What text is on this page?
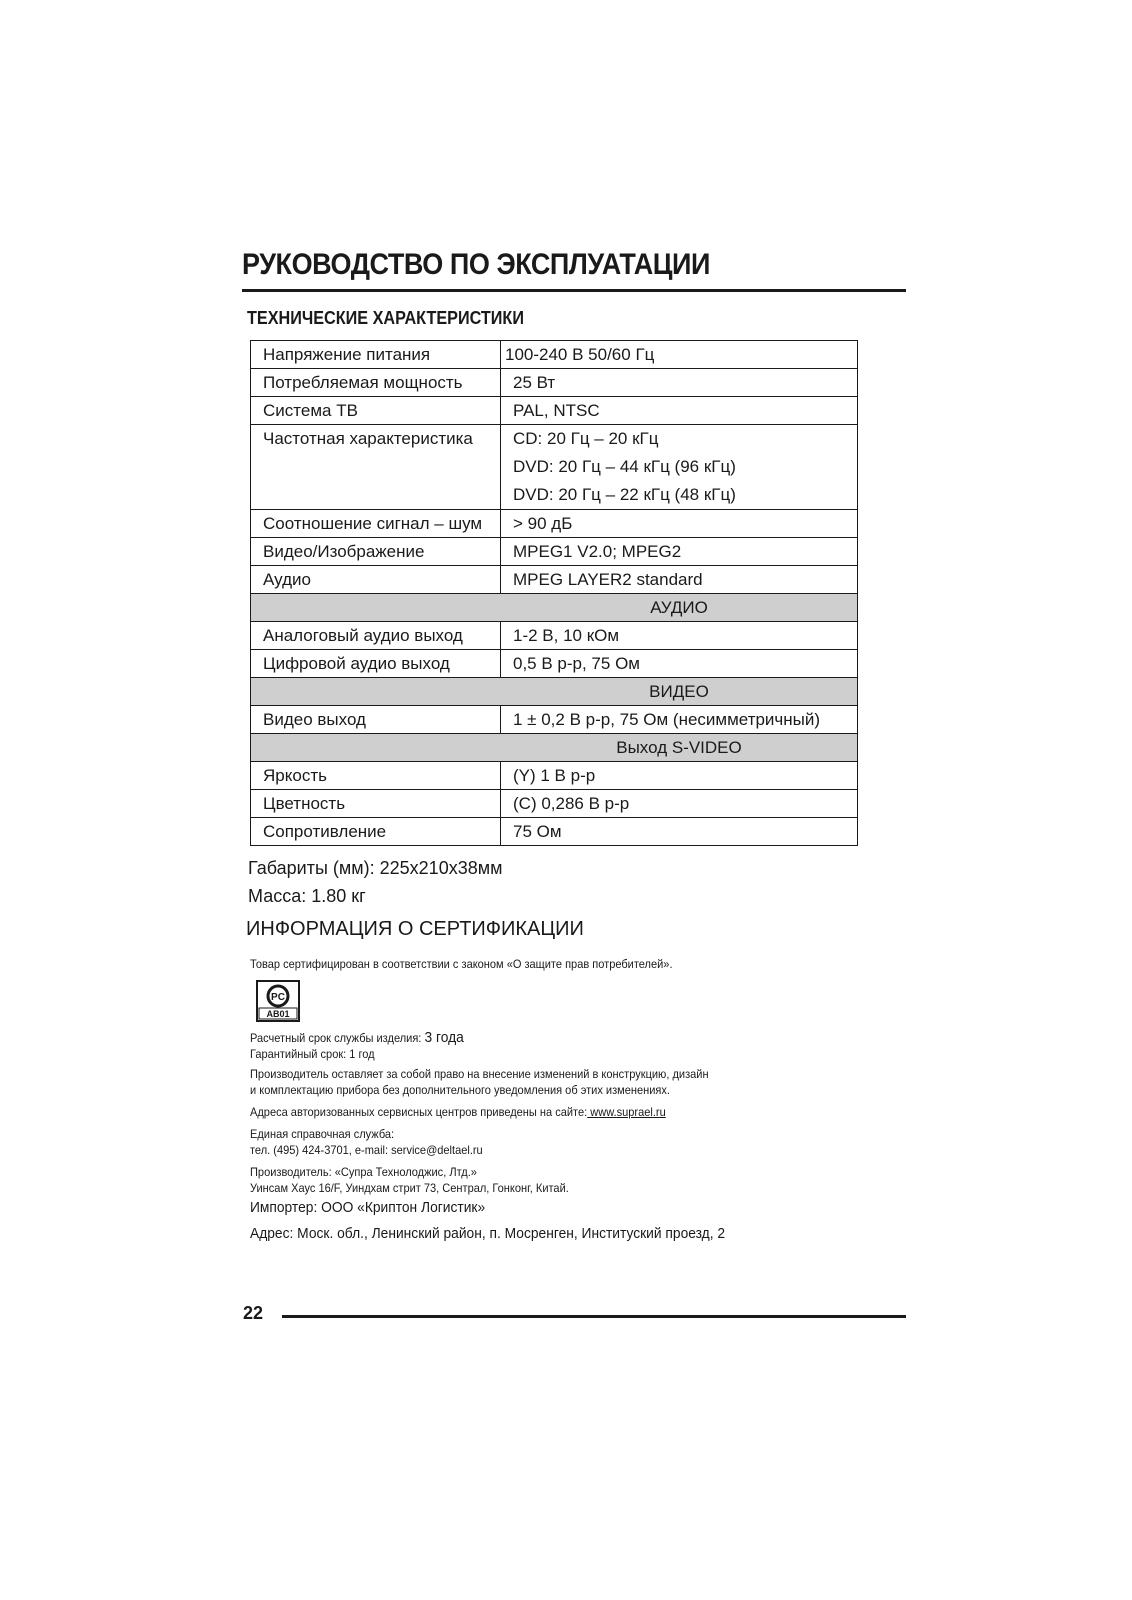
РУКОВОДСТВО ПО ЭКСПЛУАТАЦИИ
ТЕХНИЧЕСКИЕ ХАРАКТЕРИСТИКИ
Напряжение питания	100-240 В 50/60 Гц
Потребляемая мощность	25 Вт
Система ТВ	PAL, NTSC
Частотная характеристика	CD: 20 Гц – 20 кГц
DVD: 20 Гц – 44 кГц (96 кГц)
DVD: 20 Гц – 22 кГц (48 кГц)

Соотношение сигнал – шум	> 90 дБ
Видео/Изображение	MPEG1 V2.0; MPEG2
Аудио	MPEG LAYER2 standard
АУДИО	
Аналоговый аудио выход	1-2 В, 10 кОм
Цифровой аудио выход	0,5 В р-р, 75 Ом
ВИДЕО	
Видео выход	1 ± 0,2 В р-р, 75 Ом (несимметричный)
Выход S-VIDEO	
Яркость	(Y) 1 В р-р
Цветность	(С) 0,286 В р-р
Сопротивление	75 Ом
Габариты (мм): 225x210x38мм
Масса: 1.80 кг
ИНФОРМАЦИЯ О СЕРТИФИКАЦИИ
Товар сертифицирован в соответствии с законом «О защите прав потребителей».
PC
АВ01
Расчетный срок службы изделия: 3 года
Гарантийный срок: 1 год
Производитель оставляет за собой право на внесение изменений в конструкцию, дизайн
и комплектацию прибора без дополнительного уведомления об этих изменениях.
Адреса авторизованных сервисных центров приведены на сайте: www.suprael.ru
Единая справочная служба:
тел. (495) 424-3701, e-mail: service@deltael.ru
Производитель: «Супра Технолоджис, Лтд.»
Уинсам Хаус 16/F, Уиндхам стрит 73, Сентрал, Гонконг, Китай.
Импортер: ООО «Криптон Логистик»
Адрес: Моск. обл., Ленинский район, п. Мосренген, Институский проезд, 2
22
